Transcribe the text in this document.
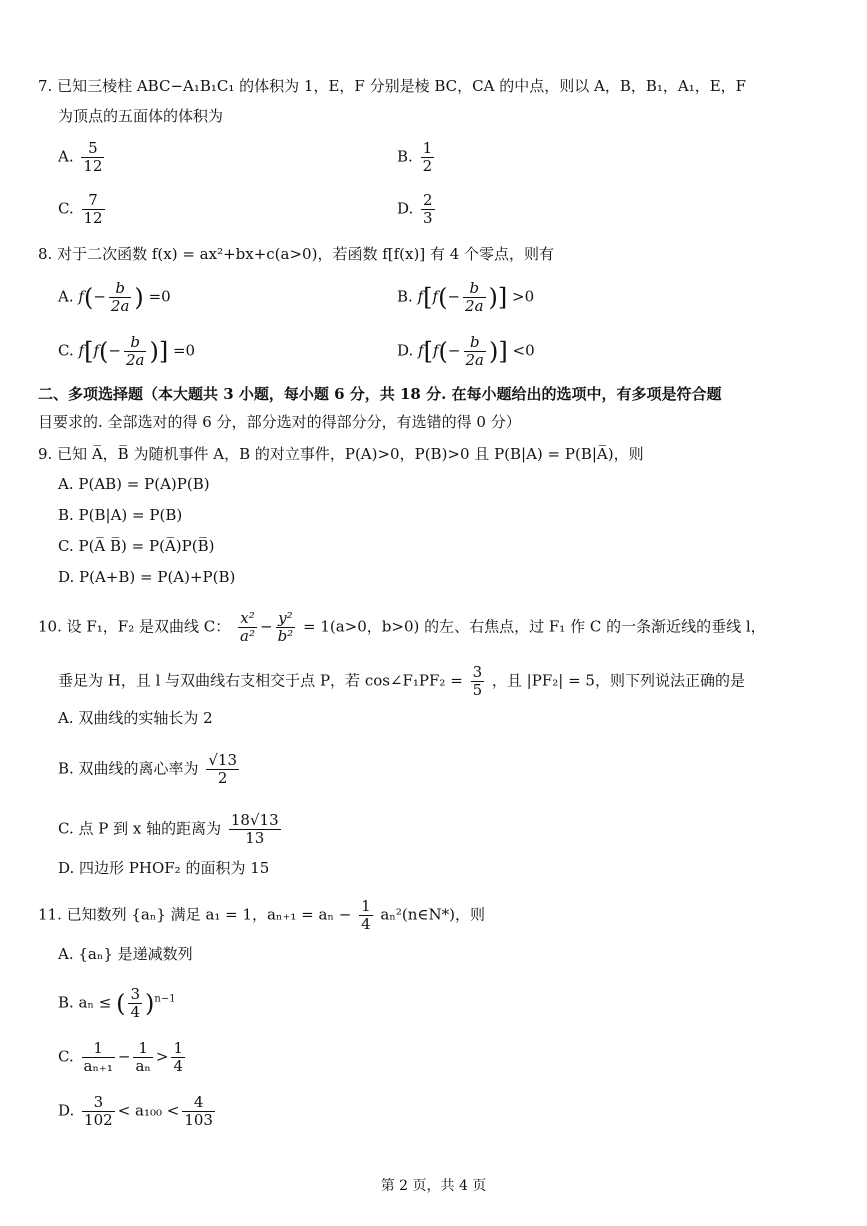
7. 已知三棱柱 ABC−A₁B₁C₁ 的体积为 1，E，F 分别是棱 BC，CA 的中点，则以 A，B，B₁，A₁，E，F
为顶点的五面体的体积为
A. $\frac{5}{12}$	B. $\frac{1}{2}$
C. $\frac{7}{12}$	D. $\frac{2}{3}$
8. 对于二次函数 f(x) = ax²+bx+c(a>0)，若函数 f[f(x)] 有 4 个零点，则有
A. $f(- \frac{b}{2a}$ ) =0	B. $f[f(- \frac{b}{2a}$ )] >0
C. $f[f(- \frac{b}{2a}$ )] =0	D. $f[f(- \frac{b}{2a}$ )] <0
二、多项选择题（本大题共 3 小题，每小题 6 分，共 18 分. 在每小题给出的选项中，有多项是符合题
目要求的. 全部选对的得 6 分，部分选对的得部分分，有选错的得 0 分）
9. 已知 A̅，B̅ 为随机事件 A，B 的对立事件，P(A)>0，P(B)>0 且 P(B|A) = P(B|A̅)，则
A. P(AB) = P(A)P(B)
B. P(B|A) = P(B)
C. P(A̅ B̅) = P(A̅)P(B̅)
D. P(A+B) = P(A)+P(B)
10. 设 F₁，F₂ 是双曲线 C： $\frac{\text{x²}}{\text{a²}} - \frac{\text{y²}}{\text{b²}} = 1(a>0$，b>0) 的左、右焦点，过 F₁ 作 C 的一条渐近线的垂线 l，
垂足为 H，且 l 与双曲线右支相交于点 P，若 cos∠F₁PF₂ = $\frac{3}{5}$ ，且 |PF₂| = 5，则下列说法正确的是
A. 双曲线的实轴长为 2
B. 双曲线的离心率为 $\frac{√13}{2}$
C. 点 P 到 x 轴的距离为 $\frac{18√13}{13}$
D. 四边形 PHOF₂ 的面积为 15
11. 已知数列 {aₙ} 满足 a₁ = 1，$a_{n+1} = a_n - \frac{1}{4}$ aₙ²(n∈N*)，则
A. {aₙ} 是递减数列
B. aₙ ≤ ( $\frac{3}{4} )^{n-1}$
C. $\frac{1}{\text{aₙ₊₁}} - \frac{1}{\text{aₙ}} > \frac{1}{4}$
D. $\frac{3}{102} < a_{100} < \frac{4}{103}$
第 2 页，共 4 页
